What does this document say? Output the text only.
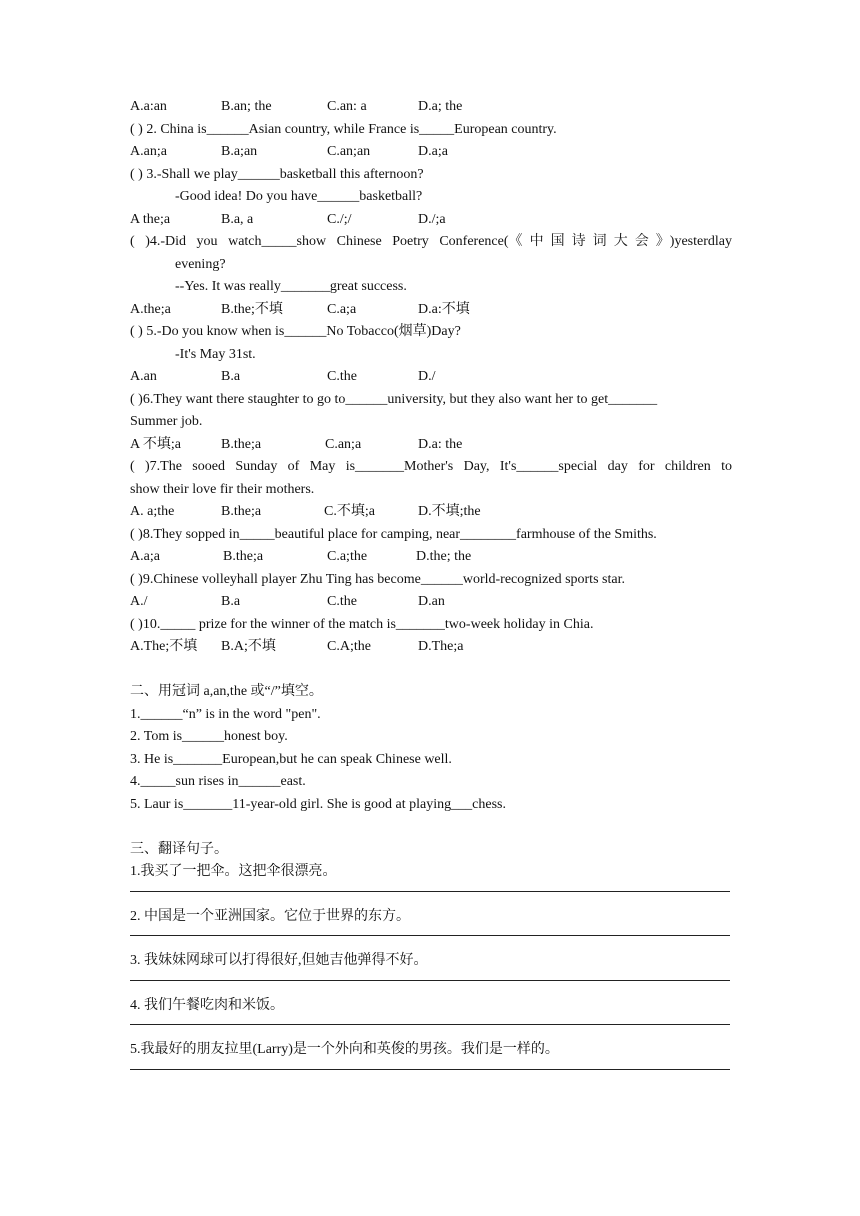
A.a:an	B.an; the	C.an: a	D.a; the
( ) 2. China is______Asian country, while France is_____European country.
A.an;a	B.a;an	C.an;an	D.a;a
( ) 3.-Shall we play______basketball this afternoon?
-Good idea! Do you have______basketball?
A the;a	B.a, a	C./;/	D./;a
( )4.-Did you watch_____show Chinese Poetry Conference(《中国诗词大会》)yesterdlay
evening?
--Yes. It was really_______great success.
A.the;a	B.the;不填	C.a;a	D.a:不填
( ) 5.-Do you know when is______No Tobacco(烟草)Day?
-It's May 31st.
A.an	B.a	C.the	D./
( )6.They want there staughter to go to______university, but they also want her to get_______
Summer job.
A 不填;a	B.the;a	C.an;a	D.a: the
( )7.The sooed Sunday of May is_______Mother's Day, It's______special day for children to
show their love fir their mothers.
A. a;the	B.the;a	C.不填;a	D.不填;the
( )8.They sopped in_____beautiful place for camping, near________farmhouse of the Smiths.
A.a;a	B.the;a	C.a;the	D.the; the
( )9.Chinese volleyhall player Zhu Ting has become______world-recognized sports star.
A./	B.a	C.the	D.an
( )10._____ prize for the winner of the match is_______two-week holiday in Chia.
A.The;不填 B.A;不填	C.A;the	D.The;a
二、用冠词 a,an,the 或“/”填空。
1.______“n” is in the word "pen".
2. Tom is______honest boy.
3. He is_______European,but he can speak Chinese well.
4._____sun rises in______east.
5. Laur is_______11-year-old girl. She is good at playing___chess.
三、翻译句子。
1.我买了一把伞。这把伞很漂亮。
2. 中国是一个亚洲国家。它位于世界的东方。
3. 我妹妹网球可以打得很好,但她吉他弹得不好。
4. 我们午餐吃肉和米饭。
5.我最好的朋友拉里(Larry)是一个外向和英俊的男孩。我们是一样的。
